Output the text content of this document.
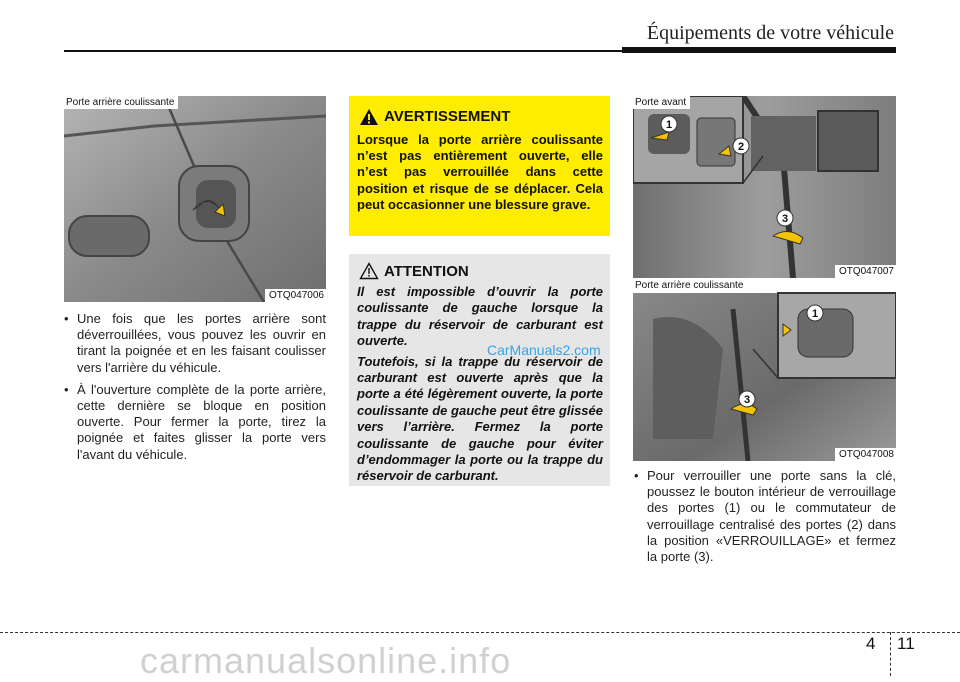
Équipements de votre véhicule
Porte arrière coulissante
OTQ047006
• Une fois que les portes arrière sont déverrouillées, vous pouvez les ouvrir en tirant la poignée et en les faisant coulisser vers l'arrière du véhicule.
• À l'ouverture complète de la porte arrière, cette dernière se bloque en position ouverte. Pour fermer la porte, tirez la poignée et faites glisser la porte vers l'avant du véhicule.
AVERTISSEMENT
Lorsque la porte arrière coulissante n’est pas entièrement ouverte, elle n’est pas verrouillée dans cette position et risque de se déplacer. Cela peut occasionner une blessure grave.
ATTENTION

Il est impossible d’ouvrir la porte coulissante de gauche lorsque la trappe du réservoir de carburant est ouverte.

Toutefois, si la trappe du réservoir de carburant est ouverte après que la porte a été légèrement ouverte, la porte coulissante de gauche peut être glissée vers l’arrière. Fermez la porte coulissante de gauche pour éviter d’endommager la porte ou la trappe du réservoir de carburant.

CarManuals2.com
1
2
3
Porte avant
OTQ047007
1
3
Porte arrière coulissante
OTQ047008
• Pour verrouiller une porte sans la clé, poussez le bouton intérieur de verrouillage des portes (1) ou le commutateur de verrouillage centralisé des portes (2) dans la position «VERROUILLAGE» et fermez la porte (3).
4 11
carmanualsonline.info
